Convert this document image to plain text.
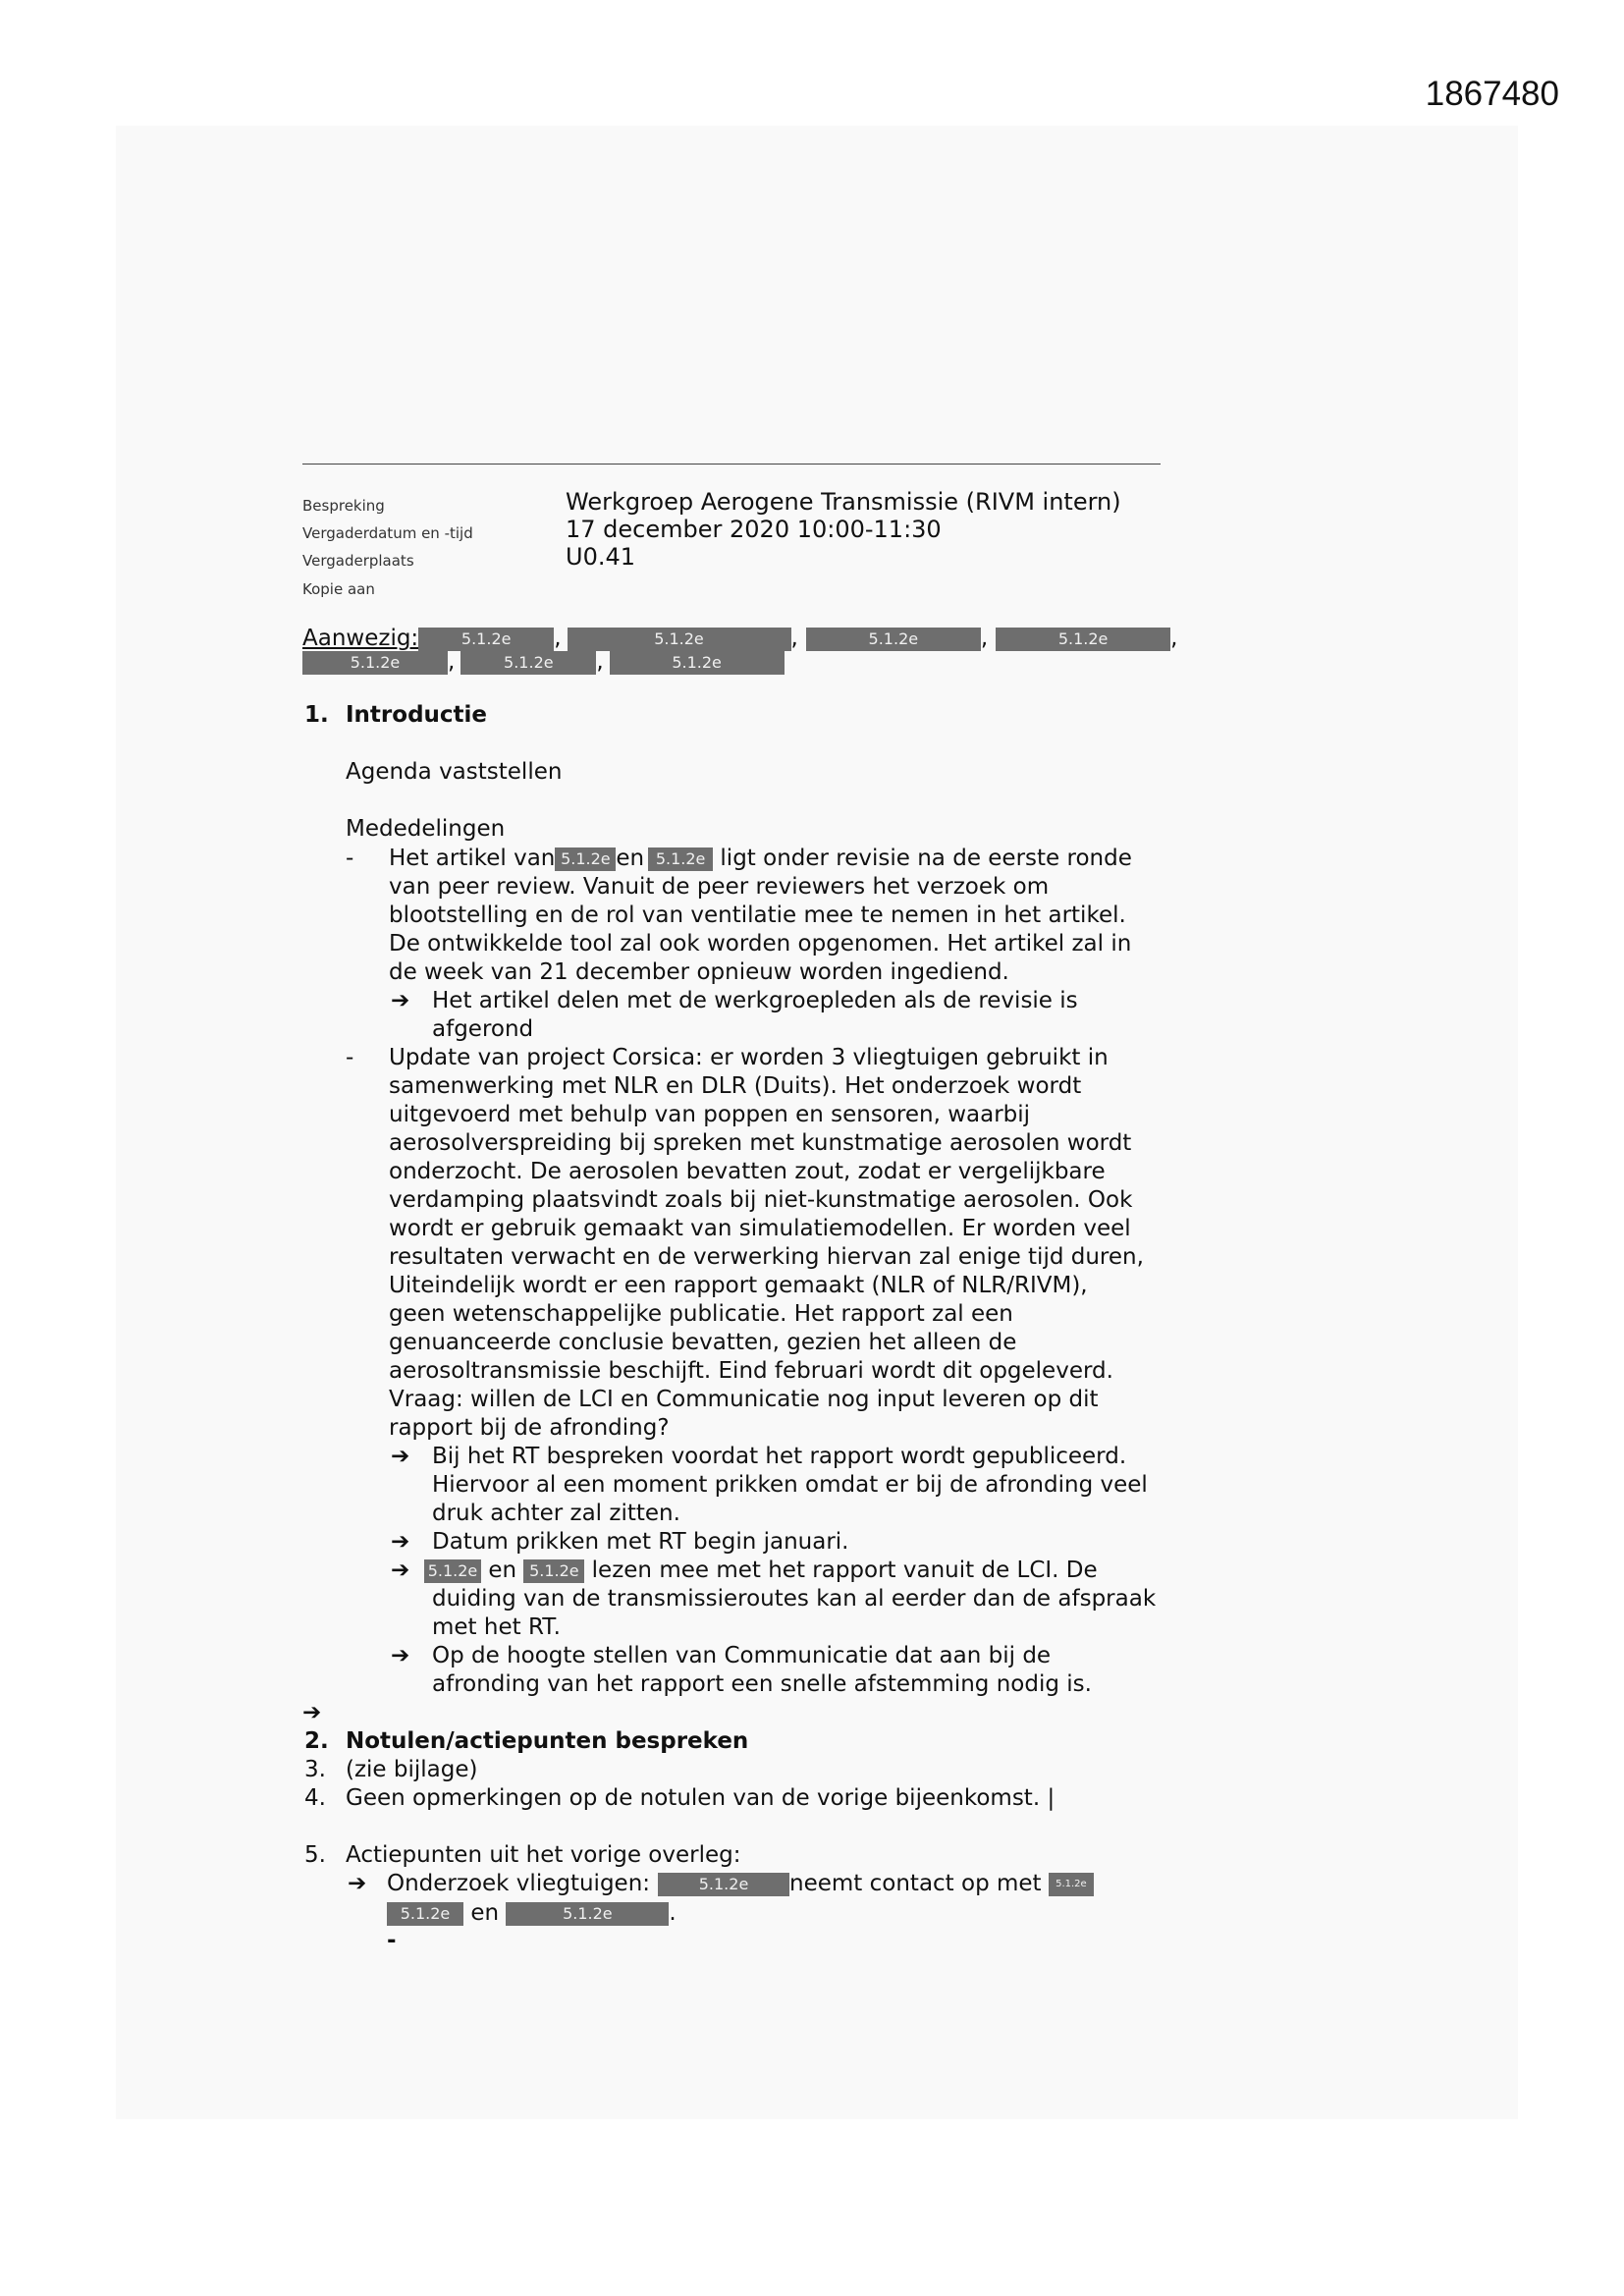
1867480
Bespreking	Werkgroep Aerogene Transmissie (RIVM intern)
Vergaderdatum en -tijd	17 december 2020 10:00-11:30
Vergaderplaats	U0.41
Kopie aan
Aanwezig:	5.1.2e ,	5.1.2e	,	5.1.2e	,	5.1.2e	,
5.1.2e ,	5.1.2e ,	5.1.2e
1. Introductie
Agenda vaststellen
Mededelingen
- Het artikel van 5.1.2e en 5.1.2e ligt onder revisie na de eerste ronde
van peer review. Vanuit de peer reviewers het verzoek om
blootstelling en de rol van ventilatie mee te nemen in het artikel.
De ontwikkelde tool zal ook worden opgenomen. Het artikel zal in
de week van 21 december opnieuw worden ingediend.
➔ Het artikel delen met de werkgroepleden als de revisie is
afgerond
- Update van project Corsica: er worden 3 vliegtuigen gebruikt in
samenwerking met NLR en DLR (Duits). Het onderzoek wordt
uitgevoerd met behulp van poppen en sensoren, waarbij
aerosolverspreiding bij spreken met kunstmatige aerosolen wordt
onderzocht. De aerosolen bevatten zout, zodat er vergelijkbare
verdamping plaatsvindt zoals bij niet-kunstmatige aerosolen. Ook
wordt er gebruik gemaakt van simulatiemodellen. Er worden veel
resultaten verwacht en de verwerking hiervan zal enige tijd duren,
Uiteindelijk wordt er een rapport gemaakt (NLR of NLR/RIVM),
geen wetenschappelijke publicatie. Het rapport zal een
genuanceerde conclusie bevatten, gezien het alleen de
aerosoltransmissie beschijft. Eind februari wordt dit opgeleverd.
Vraag: willen de LCI en Communicatie nog input leveren op dit
rapport bij de afronding?
➔ Bij het RT bespreken voordat het rapport wordt gepubliceerd.
Hiervoor al een moment prikken omdat er bij de afronding veel
druk achter zal zitten.
➔ Datum prikken met RT begin januari.
➔ 5.1.2e en 5.1.2e lezen mee met het rapport vanuit de LCI. De
duiding van de transmissieroutes kan al eerder dan de afspraak
met het RT.
➔ Op de hoogte stellen van Communicatie dat aan bij de
afronding van het rapport een snelle afstemming nodig is.
➔
2. Notulen/actiepunten bespreken
3. (zie bijlage)
4. Geen opmerkingen op de notulen van de vorige bijeenkomst. |
5. Actiepunten uit het vorige overleg:
➔ Onderzoek vliegtuigen:	5.1.2e neemt contact op met 5.1.2e
5.1.2e en	5.1.2e	.
-
